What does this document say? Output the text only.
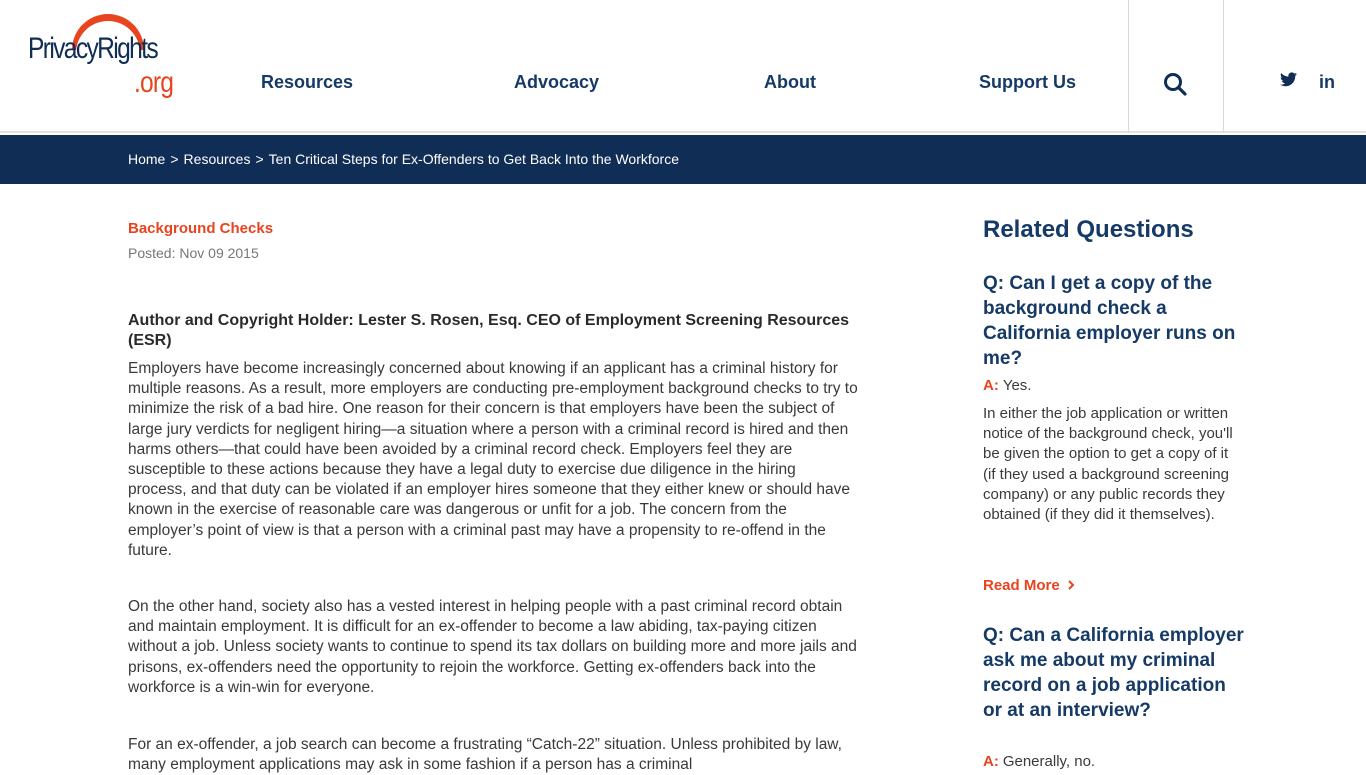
PrivacyRights
.org	Resources	Advocacy	About	Support Us	in
Home > Resources > Ten Critical Steps for Ex-Offenders to Get Back Into the Workforce
Background Checks
Posted: Nov 09 2015
Author and Copyright Holder: Lester S. Rosen, Esq. CEO of Employment Screening Resources (ESR)

Employers have become increasingly concerned about knowing if an applicant has a criminal history for multiple reasons. As a result, more employers are conducting pre-employment background checks to try to minimize the risk of a bad hire. One reason for their concern is that employers have been the subject of large jury verdicts for negligent hiring—a situation where a person with a criminal record is hired and then harms others—that could have been avoided by a criminal record check. Employers feel they are susceptible to these actions because they have a legal duty to exercise due diligence in the hiring process, and that duty can be violated if an employer hires someone that they either knew or should have known in the exercise of reasonable care was dangerous or unfit for a job. The concern from the employer’s point of view is that a person with a criminal past may have a propensity to re-offend in the future.

On the other hand, society also has a vested interest in helping people with a past criminal record obtain and maintain employment. It is difficult for an ex-offender to become a law abiding, tax-paying citizen without a job. Unless society wants to continue to spend its tax dollars on building more and more jails and prisons, ex-offenders need the opportunity to rejoin the workforce. Getting ex-offenders back into the workforce is a win-win for everyone.

For an ex-offender, a job search can become a frustrating “Catch-22” situation. Unless prohibited by law, many employment applications may ask in some fashion if a person has a criminal

Related Questions
Q: Can I get a copy of the background check a California employer runs on me?
A: Yes.
In either the job application or written notice of the background check, you'll be given the option to get a copy of it (if they used a background screening company) or any public records they obtained (if they did it themselves).
Read More
Q: Can a California employer ask me about my criminal record on a job application or at an interview?
A: Generally, no.
